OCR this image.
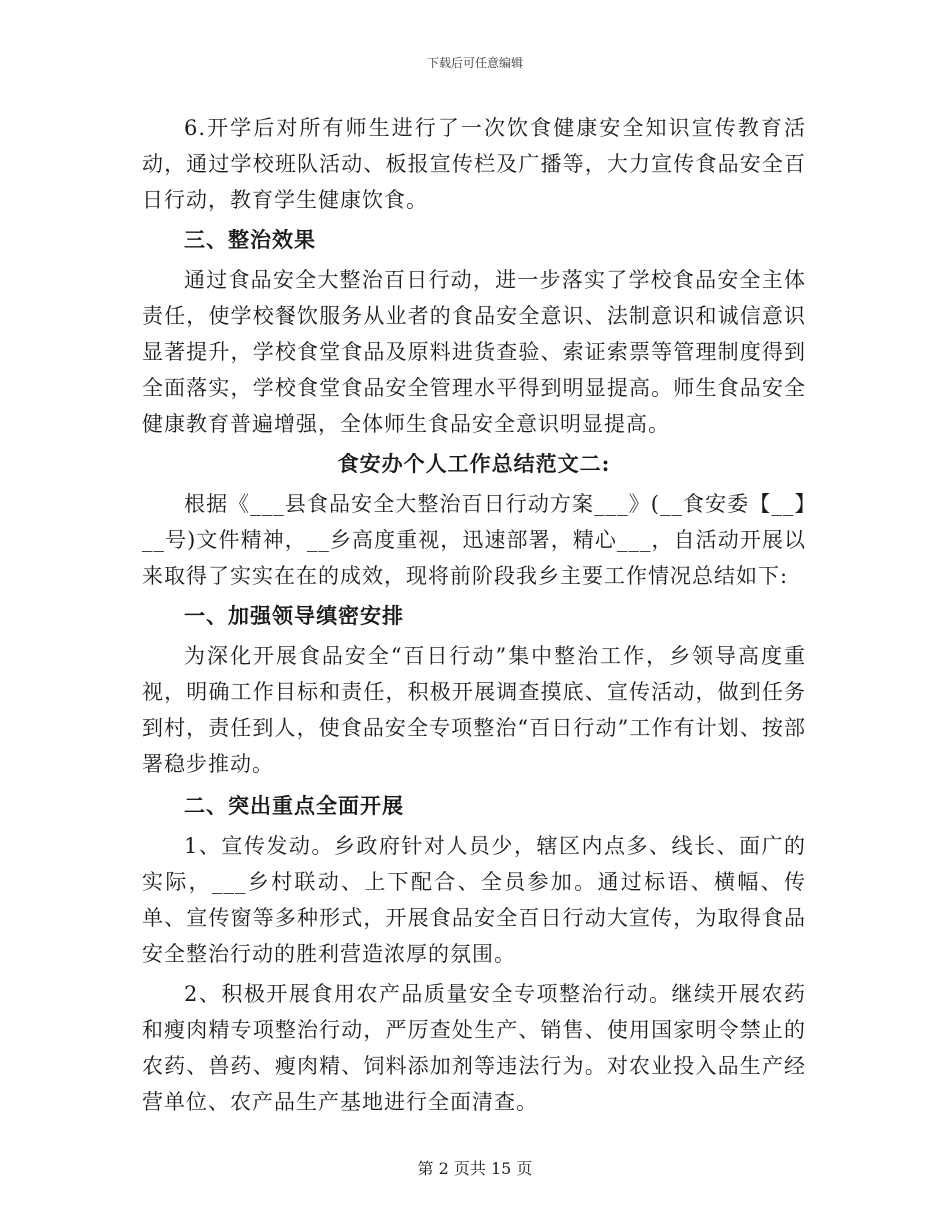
下载后可任意编辑

6.开学后对所有师生进行了一次饮食健康安全知识宣传教育活动，通过学校班队活动、板报宣传栏及广播等，大力宣传食品安全百日行动，教育学生健康饮食。

三、整治效果

通过食品安全大整治百日行动，进一步落实了学校食品安全主体责任，使学校餐饮服务从业者的食品安全意识、法制意识和诚信意识显著提升，学校食堂食品及原料进货查验、索证索票等管理制度得到全面落实，学校食堂食品安全管理水平得到明显提高。师生食品安全健康教育普遍增强，全体师生食品安全意识明显提高。

食安办个人工作总结范文二:

根据《___县食品安全大整治百日行动方案___》(__食安委【__】__号)文件精神，__乡高度重视，迅速部署，精心___，自活动开展以来取得了实实在在的成效，现将前阶段我乡主要工作情况总结如下:

一、加强领导缜密安排

为深化开展食品安全“百日行动”集中整治工作，乡领导高度重视，明确工作目标和责任，积极开展调查摸底、宣传活动，做到任务到村，责任到人，使食品安全专项整治“百日行动”工作有计划、按部署稳步推动。

二、突出重点全面开展

1、宣传发动。乡政府针对人员少，辖区内点多、线长、面广的实际，___乡村联动、上下配合、全员参加。通过标语、横幅、传单、宣传窗等多种形式，开展食品安全百日行动大宣传，为取得食品安全整治行动的胜利营造浓厚的氛围。

2、积极开展食用农产品质量安全专项整治行动。继续开展农药和瘦肉精专项整治行动，严厉查处生产、销售、使用国家明令禁止的农药、兽药、瘦肉精、饲料添加剂等违法行为。对农业投入品生产经营单位、农产品生产基地进行全面清查。

第 2 页共 15 页
